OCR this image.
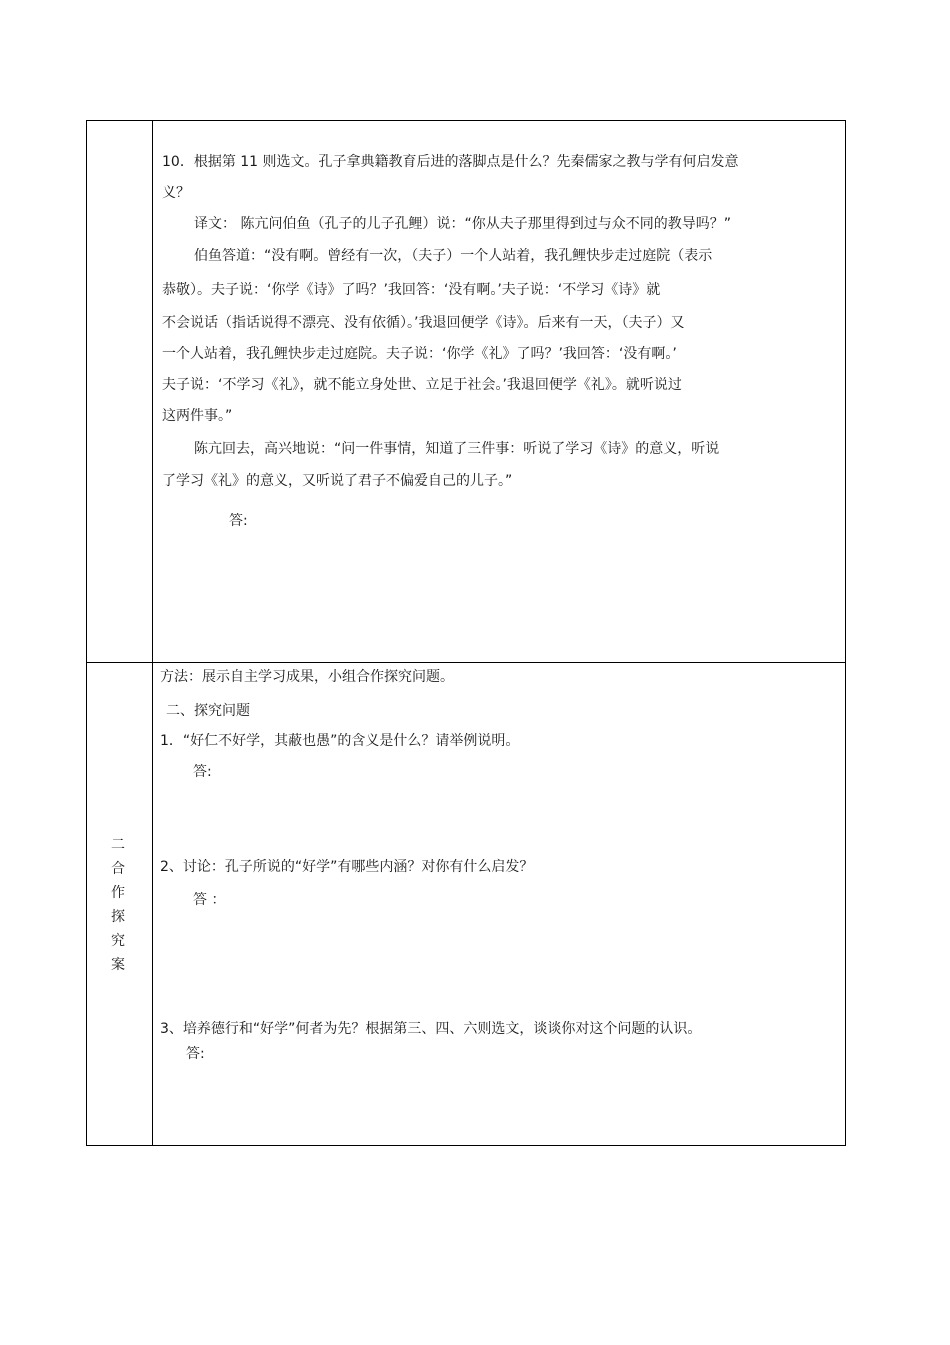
10．根据第 11 则选文。孔子拿典籍教育后进的落脚点是什么？先秦儒家之教与学有何启发意
义？
译文： 陈亢问伯鱼（孔子的儿子孔鲤）说：“你从夫子那里得到过与众不同的教导吗？”
伯鱼答道：“没有啊。曾经有一次，（夫子）一个人站着，我孔鲤快步走过庭院（表示
恭敬）。夫子说：‘你学《诗》了吗？’我回答：‘没有啊。’夫子说：‘不学习《诗》就
不会说话（指话说得不漂亮、没有依循）。’我退回便学《诗》。后来有一天，（夫子）又
一个人站着，我孔鲤快步走过庭院。夫子说：‘你学《礼》了吗？’我回答：‘没有啊。’
夫子说：‘不学习《礼》，就不能立身处世、立足于社会。’我退回便学《礼》。就听说过
这两件事。”
陈亢回去，高兴地说：“问一件事情，知道了三件事：听说了学习《诗》的意义，听说
了学习《礼》的意义，又听说了君子不偏爱自己的儿子。”
答:
二
合
作
探
究
案
方法：展示自主学习成果，小组合作探究问题。
二、探究问题
1．“好仁不好学，其蔽也愚”的含义是什么？请举例说明。
答:
2、讨论：孔子所说的“好学”有哪些内涵？对你有什么启发？
答 ：
3、培养德行和“好学”何者为先？根据第三、四、六则选文，谈谈你对这个问题的认识。
答:
